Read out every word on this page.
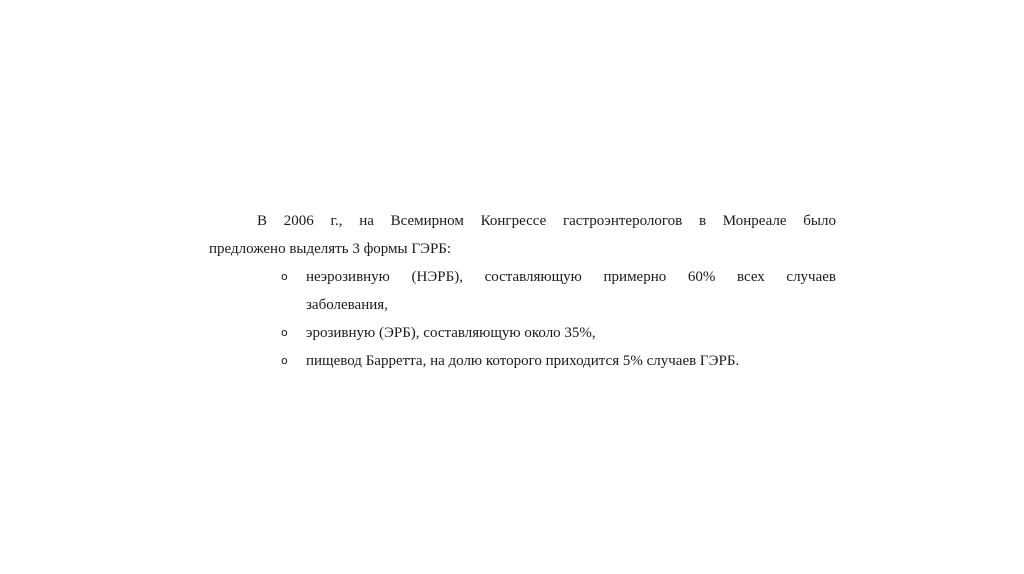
В 2006 г., на Всемирном Конгрессе гастроэнтерологов в Монреале было

предложено выделять 3 формы ГЭРБ:
o неэрозивную (НЭРБ), составляющую примерно 60% всех случаев
заболевания,
o эрозивную (ЭРБ), составляющую около 35%,
o пищевод Барретта, на долю которого приходится 5% случаев ГЭРБ.
